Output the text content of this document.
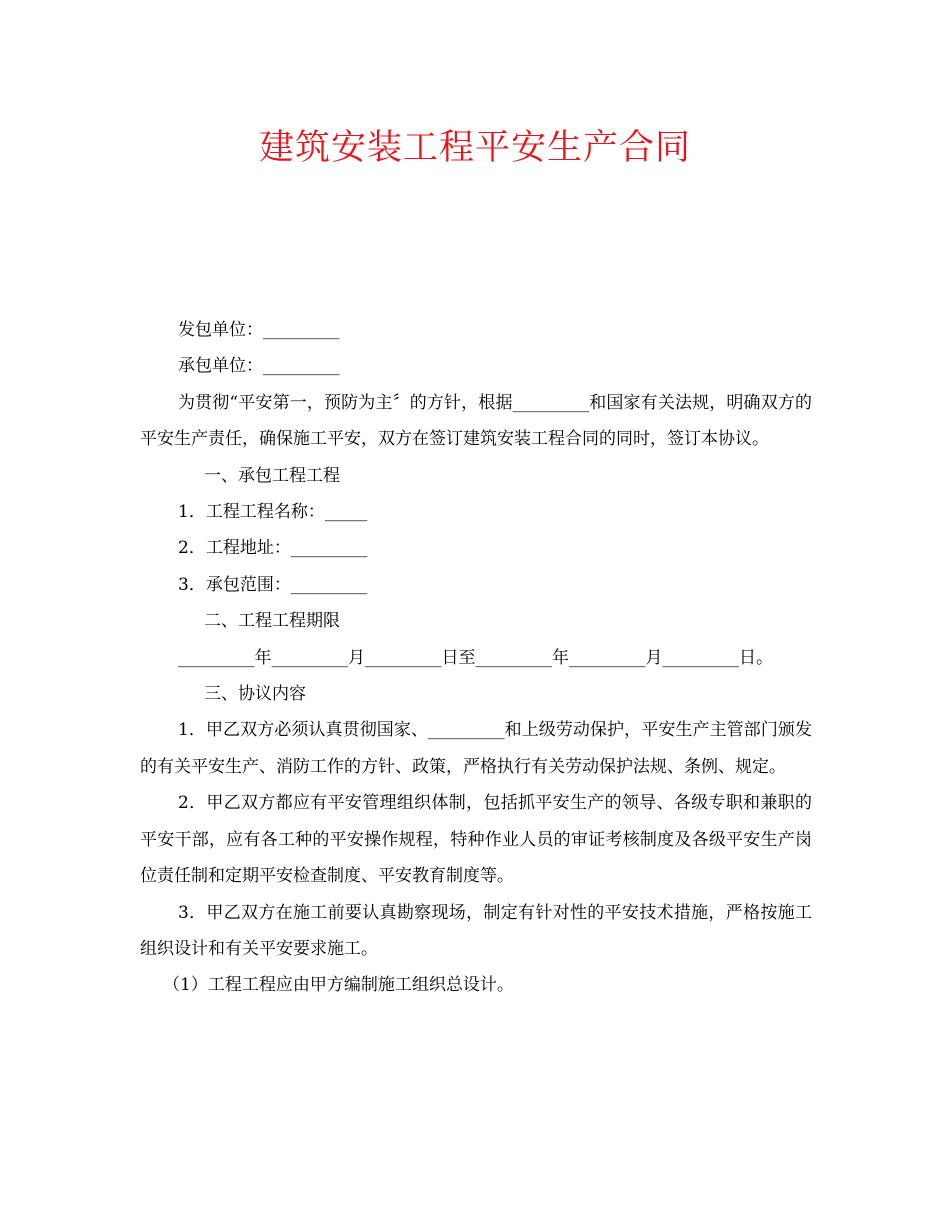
建筑安装工程平安生产合同

发包单位：_________

承包单位：_________

为贯彻“平安第一，预防为主〞的方针，根据_________和国家有关法规，明确双方的平安生产责任，确保施工平安，双方在签订建筑安装工程合同的同时，签订本协议。

一、承包工程工程

1．工程工程名称：_____

2．工程地址：_________

3．承包范围：_________

二、工程工程期限

_________年_________月_________日至_________年_________月_________日。

三、协议内容

1．甲乙双方必须认真贯彻国家、_________和上级劳动保护，平安生产主管部门颁发的有关平安生产、消防工作的方针、政策，严格执行有关劳动保护法规、条例、规定。

2．甲乙双方都应有平安管理组织体制，包括抓平安生产的领导、各级专职和兼职的平安干部，应有各工种的平安操作规程，特种作业人员的审证考核制度及各级平安生产岗位责任制和定期平安检查制度、平安教育制度等。

3．甲乙双方在施工前要认真勘察现场，制定有针对性的平安技术措施，严格按施工组织设计和有关平安要求施工。

（1）工程工程应由甲方编制施工组织总设计。
